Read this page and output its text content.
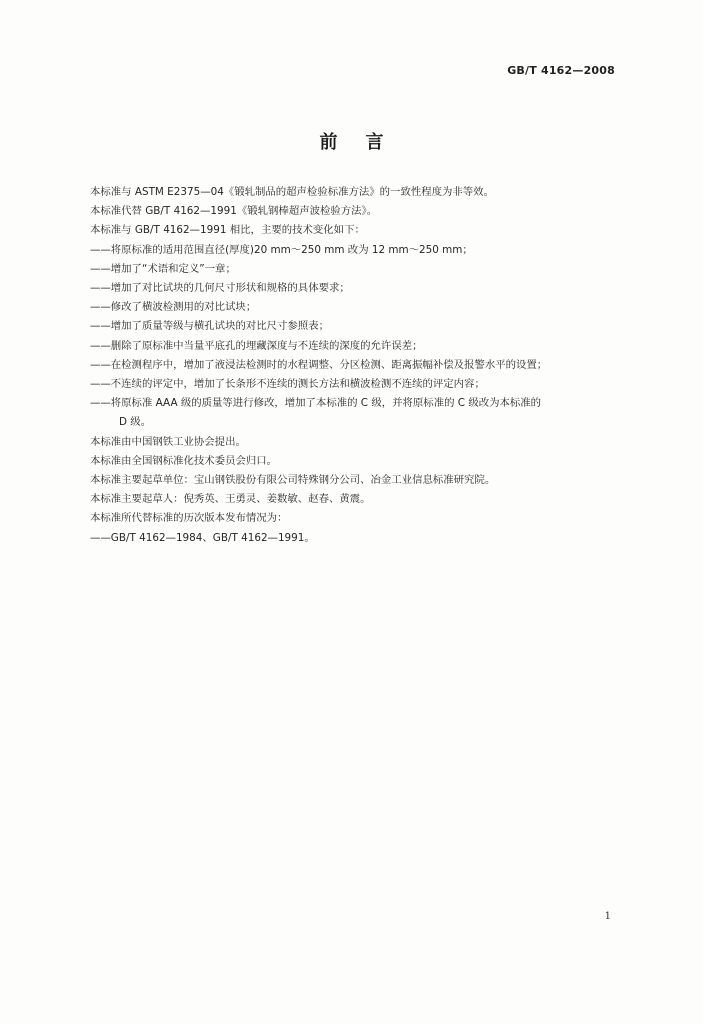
GB/T 4162—2008
前言
本标准与 ASTM E2375—04《锻轧制品的超声检验标准方法》的一致性程度为非等效。
本标准代替 GB/T 4162—1991《锻轧钢棒超声波检验方法》。
本标准与 GB/T 4162—1991 相比，主要的技术变化如下：
——将原标准的适用范围直径(厚度)20 mm～250 mm 改为 12 mm～250 mm；
——增加了“术语和定义”一章；
——增加了对比试块的几何尺寸形状和规格的具体要求；
——修改了横波检测用的对比试块；
——增加了质量等级与横孔试块的对比尺寸参照表；
——删除了原标准中当量平底孔的埋藏深度与不连续的深度的允许误差；
——在检测程序中，增加了液浸法检测时的水程调整、分区检测、距离振幅补偿及报警水平的设置；
——不连续的评定中，增加了长条形不连续的测长方法和横波检测不连续的评定内容；
——将原标准 AAA 级的质量等进行修改，增加了本标准的 C 级，并将原标准的 C 级改为本标准的
D 级。
本标准由中国钢铁工业协会提出。
本标准由全国钢标准化技术委员会归口。
本标准主要起草单位：宝山钢铁股份有限公司特殊钢分公司、冶金工业信息标准研究院。
本标准主要起草人：倪秀英、王勇灵、姜数敏、赵春、黄震。
本标准所代替标准的历次版本发布情况为：
——GB/T 4162—1984、GB/T 4162—1991。
1
